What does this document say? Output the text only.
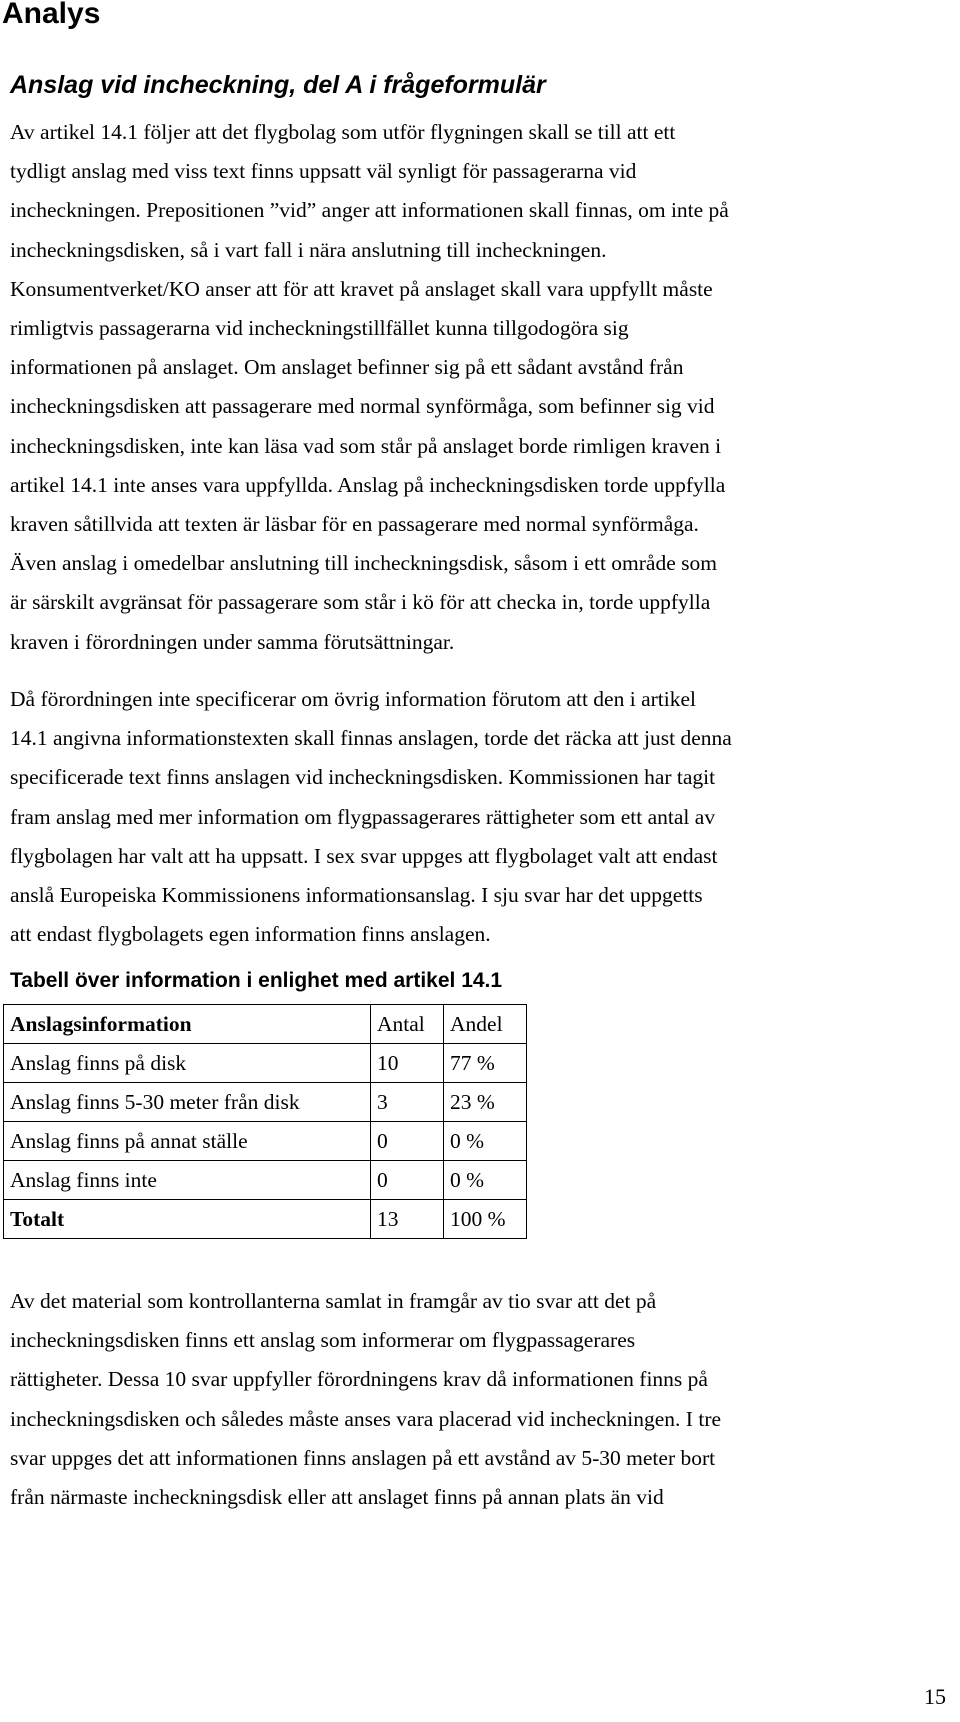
Analys
Anslag vid incheckning, del A i frågeformulär

Av artikel 14.1 följer att det flygbolag som utför flygningen skall se till att ett
tydligt anslag med viss text finns uppsatt väl synligt för passagerarna vid
incheckningen. Prepositionen ”vid” anger att informationen skall finnas, om inte på
incheckningsdisken, så i vart fall i nära anslutning till incheckningen.
Konsumentverket/KO anser att för att kravet på anslaget skall vara uppfyllt måste
rimligtvis passagerarna vid incheckningstillfället kunna tillgodogöra sig
informationen på anslaget. Om anslaget befinner sig på ett sådant avstånd från
incheckningsdisken att passagerare med normal synförmåga, som befinner sig vid
incheckningsdisken, inte kan läsa vad som står på anslaget borde rimligen kraven i
artikel 14.1 inte anses vara uppfyllda. Anslag på incheckningsdisken torde uppfylla
kraven såtillvida att texten är läsbar för en passagerare med normal synförmåga.
Även anslag i omedelbar anslutning till incheckningsdisk, såsom i ett område som
är särskilt avgränsat för passagerare som står i kö för att checka in, torde uppfylla
kraven i förordningen under samma förutsättningar.

Då förordningen inte specificerar om övrig information förutom att den i artikel
14.1 angivna informationstexten skall finnas anslagen, torde det räcka att just denna
specificerade text finns anslagen vid incheckningsdisken. Kommissionen har tagit
fram anslag med mer information om flygpassagerares rättigheter som ett antal av
flygbolagen har valt att ha uppsatt. I sex svar uppges att flygbolaget valt att endast
anslå Europeiska Kommissionens informationsanslag. I sju svar har det uppgetts
att endast flygbolagets egen information finns anslagen.

Tabell över information i enlighet med artikel 14.1
Anslagsinformation	Antal	Andel
Anslag finns på disk	10	77 %
Anslag finns 5-30 meter från disk	3	23 %
Anslag finns på annat ställe	0	0 %
Anslag finns inte	0	0 %
Totalt	13	100 %

Av det material som kontrollanterna samlat in framgår av tio svar att det på
incheckningsdisken finns ett anslag som informerar om flygpassagerares
rättigheter. Dessa 10 svar uppfyller förordningens krav då informationen finns på
incheckningsdisken och således måste anses vara placerad vid incheckningen. I tre
svar uppges det att informationen finns anslagen på ett avstånd av 5-30 meter bort
från närmaste incheckningsdisk eller att anslaget finns på annan plats än vid

15
